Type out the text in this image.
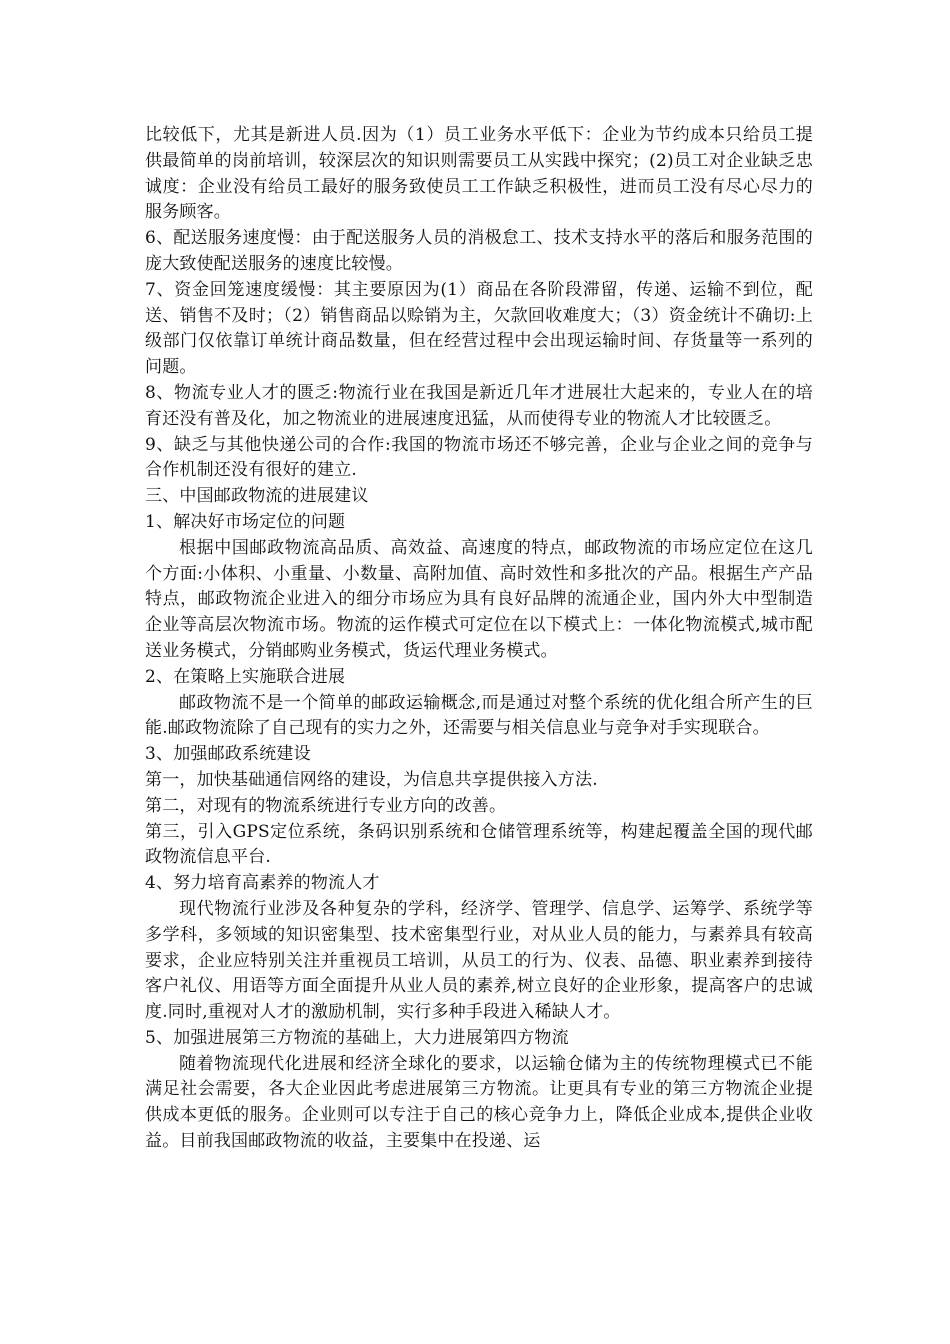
比较低下，尤其是新进人员.因为（1）员工业务水平低下：企业为节约成本只给员工提供最简单的岗前培训，较深层次的知识则需要员工从实践中探究；(2)员工对企业缺乏忠诚度：企业没有给员工最好的服务致使员工工作缺乏积极性，进而员工没有尽心尽力的服务顾客。

6、配送服务速度慢：由于配送服务人员的消极怠工、技术支持水平的落后和服务范围的庞大致使配送服务的速度比较慢。

7、资金回笼速度缓慢：其主要原因为(1）商品在各阶段滞留，传递、运输不到位，配送、销售不及时；（2）销售商品以赊销为主，欠款回收难度大；（3）资金统计不确切:上级部门仅依靠订单统计商品数量，但在经营过程中会出现运输时间、存货量等一系列的问题。

8、物流专业人才的匮乏:物流行业在我国是新近几年才进展壮大起来的，专业人在的培育还没有普及化，加之物流业的进展速度迅猛，从而使得专业的物流人才比较匮乏。

9、缺乏与其他快递公司的合作:我国的物流市场还不够完善，企业与企业之间的竞争与合作机制还没有很好的建立.

三、中国邮政物流的进展建议

1、解决好市场定位的问题

根据中国邮政物流高品质、高效益、高速度的特点，邮政物流的市场应定位在这几个方面:小体积、小重量、小数量、高附加值、高时效性和多批次的产品。根据生产产品特点，邮政物流企业进入的细分市场应为具有良好品牌的流通企业，国内外大中型制造企业等高层次物流市场。物流的运作模式可定位在以下模式上：一体化物流模式,城市配送业务模式，分销邮购业务模式，货运代理业务模式。

2、在策略上实施联合进展

邮政物流不是一个简单的邮政运输概念,而是通过对整个系统的优化组合所产生的巨能.邮政物流除了自己现有的实力之外，还需要与相关信息业与竞争对手实现联合。

3、加强邮政系统建设

第一，加快基础通信网络的建设，为信息共享提供接入方法.

第二，对现有的物流系统进行专业方向的改善。

第三，引入GPS定位系统，条码识别系统和仓储管理系统等，构建起覆盖全国的现代邮政物流信息平台.

4、努力培育高素养的物流人才

现代物流行业涉及各种复杂的学科，经济学、管理学、信息学、运筹学、系统学等多学科，多领域的知识密集型、技术密集型行业，对从业人员的能力，与素养具有较高要求，企业应特别关注并重视员工培训，从员工的行为、仪表、品德、职业素养到接待客户礼仪、用语等方面全面提升从业人员的素养,树立良好的企业形象，提高客户的忠诚度.同时,重视对人才的激励机制，实行多种手段进入稀缺人才。

5、加强进展第三方物流的基础上，大力进展第四方物流

随着物流现代化进展和经济全球化的要求，以运输仓储为主的传统物理模式已不能满足社会需要，各大企业因此考虑进展第三方物流。让更具有专业的第三方物流企业提供成本更低的服务。企业则可以专注于自己的核心竞争力上，降低企业成本,提供企业收益。目前我国邮政物流的收益，主要集中在投递、运
